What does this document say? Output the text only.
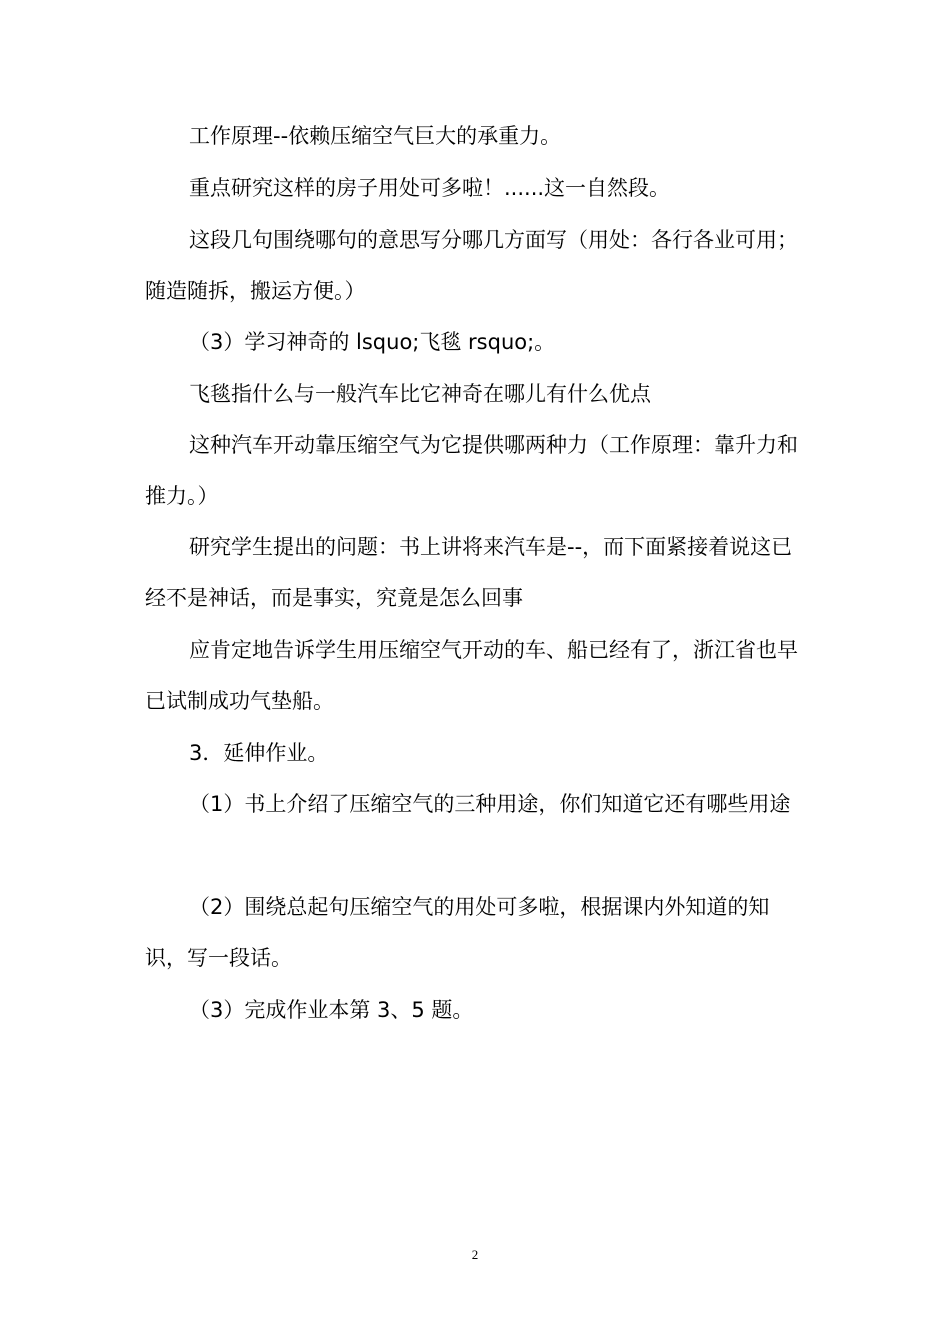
工作原理--依赖压缩空气巨大的承重力。

重点研究这样的房子用处可多啦！......这一自然段。

这段几句围绕哪句的意思写分哪几方面写（用处：各行各业可用；随造随拆，搬运方便。）

（3）学习神奇的 lsquo;飞毯 rsquo;。

飞毯指什么与一般汽车比它神奇在哪儿有什么优点

这种汽车开动靠压缩空气为它提供哪两种力（工作原理：靠升力和推力。）

研究学生提出的问题：书上讲将来汽车是--，而下面紧接着说这已经不是神话，而是事实，究竟是怎么回事

应肯定地告诉学生用压缩空气开动的车、船已经有了，浙江省也早已试制成功气垫船。

3．延伸作业。

（1）书上介绍了压缩空气的三种用途，你们知道它还有哪些用途

（2）围绕总起句压缩空气的用处可多啦，根据课内外知道的知识，写一段话。

（3）完成作业本第 3、5 题。

2
